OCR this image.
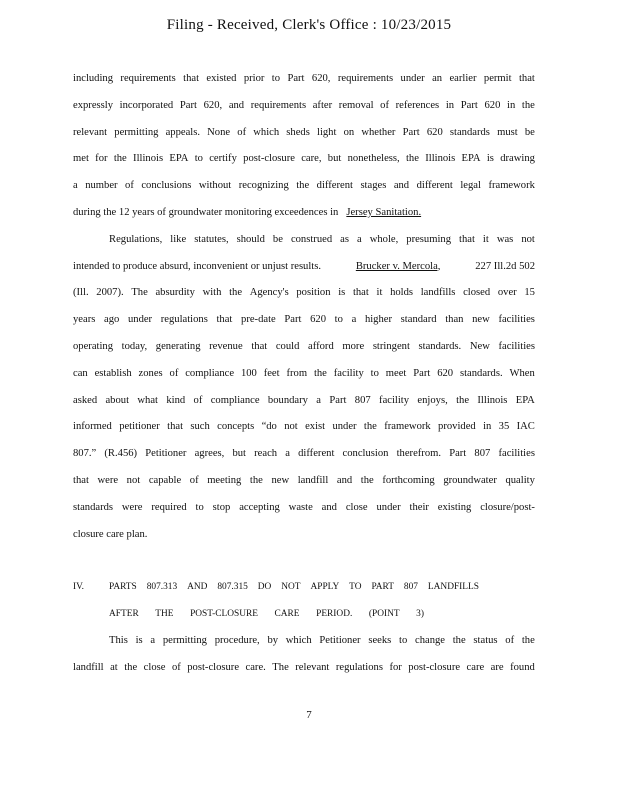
Filing - Received, Clerk's Office : 10/23/2015
including requirements that existed prior to Part 620, requirements under an earlier permit that
expressly incorporated Part 620, and requirements after removal of references in Part 620 in the
relevant permitting appeals. None of which sheds light on whether Part 620 standards must be
met for the Illinois EPA to certify post-closure care, but nonetheless, the Illinois EPA is drawing
a number of conclusions without recognizing the different stages and different legal framework
during the 12 years of groundwater monitoring exceedences in Jersey Sanitation.
Regulations, like statutes, should be construed as a whole, presuming that it was not
intended to produce absurd, inconvenient or unjust results.	Brucker v. Mercola,	227 Ill.2d 502
(Ill. 2007). The absurdity with the Agency's position is that it holds landfills closed over 15
years ago under regulations that pre-date Part 620 to a higher standard than new facilities
operating today, generating revenue that could afford more stringent standards. New facilities
can establish zones of compliance 100 feet from the facility to meet Part 620 standards. When
asked about what kind of compliance boundary a Part 807 facility enjoys, the Illinois EPA
informed petitioner that such concepts “do not exist under the framework provided in 35 IAC
807.” (R.456) Petitioner agrees, but reach a different conclusion therefrom. Part 807 facilities
that were not capable of meeting the new landfill and the forthcoming groundwater quality
standards were required to stop accepting waste and close under their existing closure/post-
closure care plan.
IV.	PARTS 807.313 AND 807.315 DO NOT APPLY TO PART 807 LANDFILLS
AFTER THE POST-CLOSURE CARE PERIOD. (POINT 3)
This is a permitting procedure, by which Petitioner seeks to change the status of the
landfill at the close of post-closure care. The relevant regulations for post-closure care are found
7
